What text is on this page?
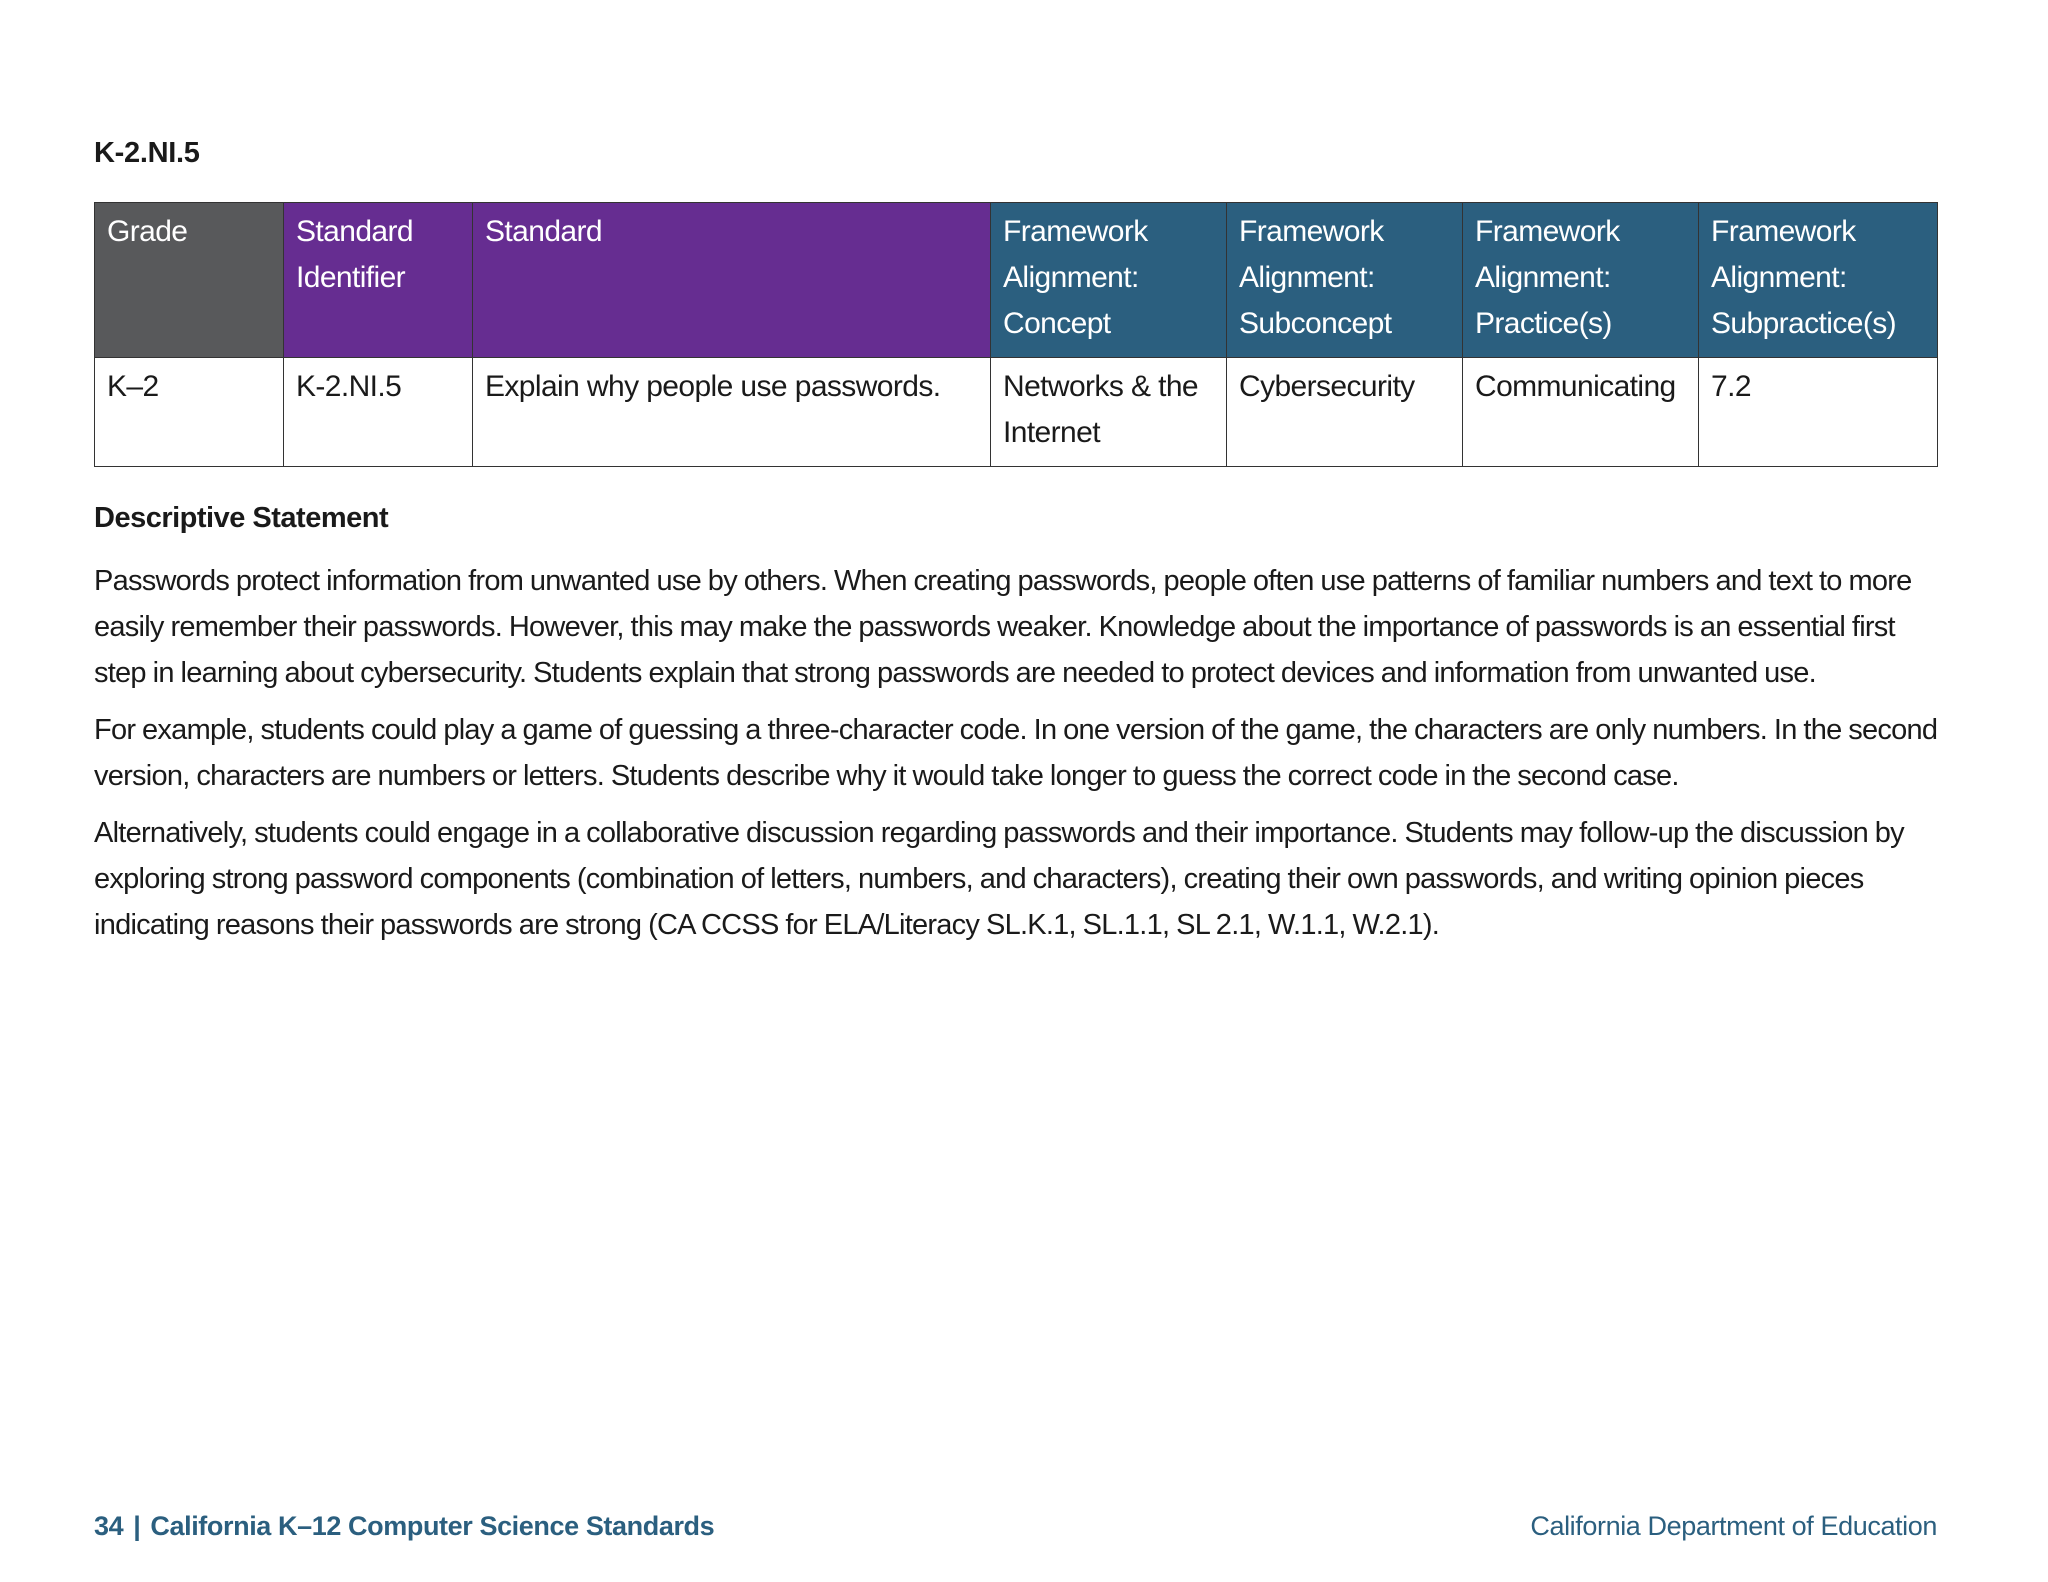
K-2.NI.5
Grade	Standard Identifier	Standard	Framework Alignment: Concept	Framework Alignment: Subconcept	Framework Alignment: Practice(s)	Framework Alignment: Subpractice(s)
K–2	K-2.NI.5	Explain why people use passwords.	Networks & the Internet	Cybersecurity	Communicating	7.2
Descriptive Statement

Passwords protect information from unwanted use by others. When creating passwords, people often use patterns of familiar numbers and text to more easily remember their passwords. However, this may make the passwords weaker. Knowledge about the importance of passwords is an essential first step in learning about cybersecurity. Students explain that strong passwords are needed to protect devices and information from unwanted use.

For example, students could play a game of guessing a three-character code. In one version of the game, the characters are only numbers. In the second version, characters are numbers or letters. Students describe why it would take longer to guess the correct code in the second case.

Alternatively, students could engage in a collaborative discussion regarding passwords and their importance. Students may follow-up the discussion by exploring strong password components (combination of letters, numbers, and characters), creating their own passwords, and writing opinion pieces indicating reasons their passwords are strong (CA CCSS for ELA/Literacy SL.K.1, SL.1.1, SL 2.1, W.1.1, W.2.1).

34 | California K–12 Computer Science Standards	California Department of Education
